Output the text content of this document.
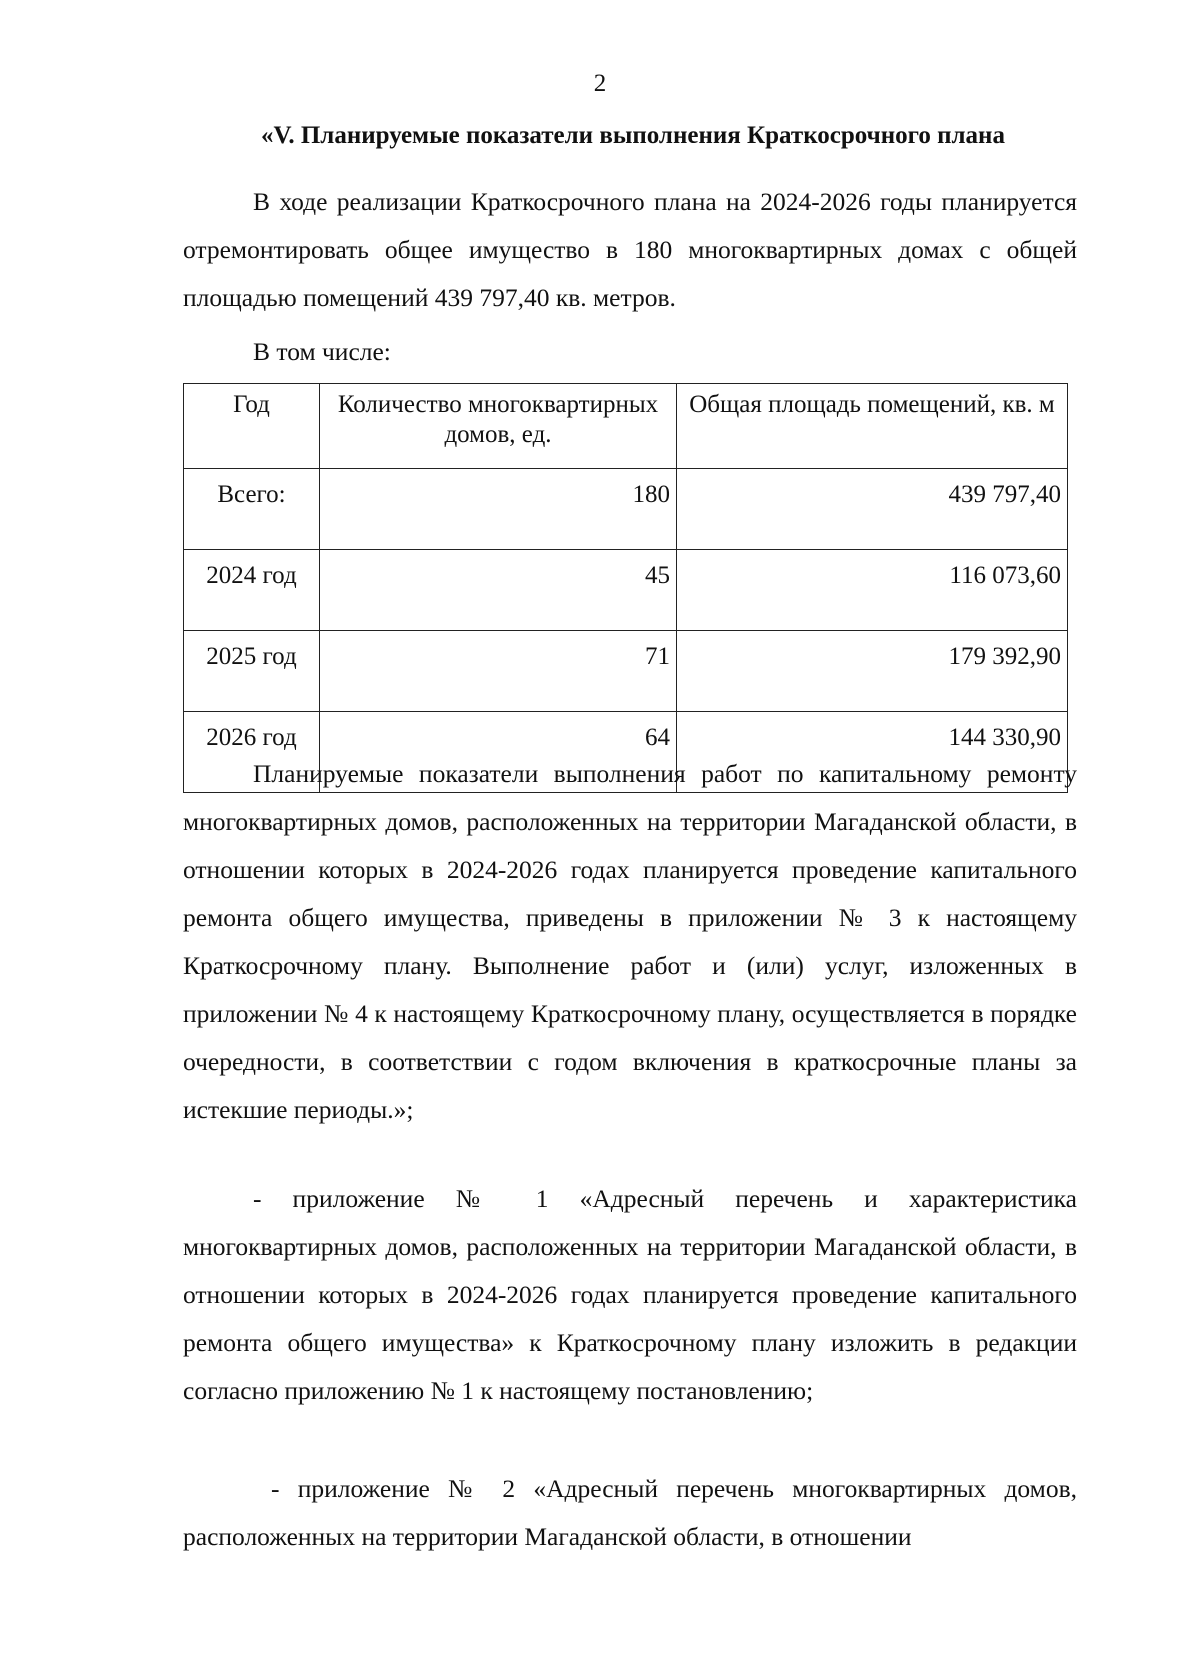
2
«V. Планируемые показатели выполнения Краткосрочного плана

В ходе реализации Краткосрочного плана на 2024-2026 годы планируется отремонтировать общее имущество в 180 многоквартирных домах с общей площадью помещений 439 797,40 кв. метров.

В том числе:

Год	Количество многоквартирных домов, ед.	Общая площадь помещений, кв. м
Всего:	180	439 797,40
2024 год	45	116 073,60
2025 год	71	179 392,90
2026 год	64	144 330,90

Планируемые показатели выполнения работ по капитальному ремонту многоквартирных домов, расположенных на территории Магаданской области, в отношении которых в 2024-2026 годах планируется проведение капитального ремонта общего имущества, приведены в приложении № 3 к настоящему Краткосрочному плану. Выполнение работ и (или) услуг, изложенных в приложении № 4 к настоящему Краткосрочному плану, осуществляется в порядке очередности, в соответствии с годом включения в краткосрочные планы за истекшие периоды.»;

- приложение № 1 «Адресный перечень и характеристика многоквартирных домов, расположенных на территории Магаданской области, в отношении которых в 2024-2026 годах планируется проведение капитального ремонта общего имущества» к Краткосрочному плану изложить в редакции согласно приложению № 1 к настоящему постановлению;

- приложение № 2 «Адресный перечень многоквартирных домов, расположенных на территории Магаданской области, в отношении
